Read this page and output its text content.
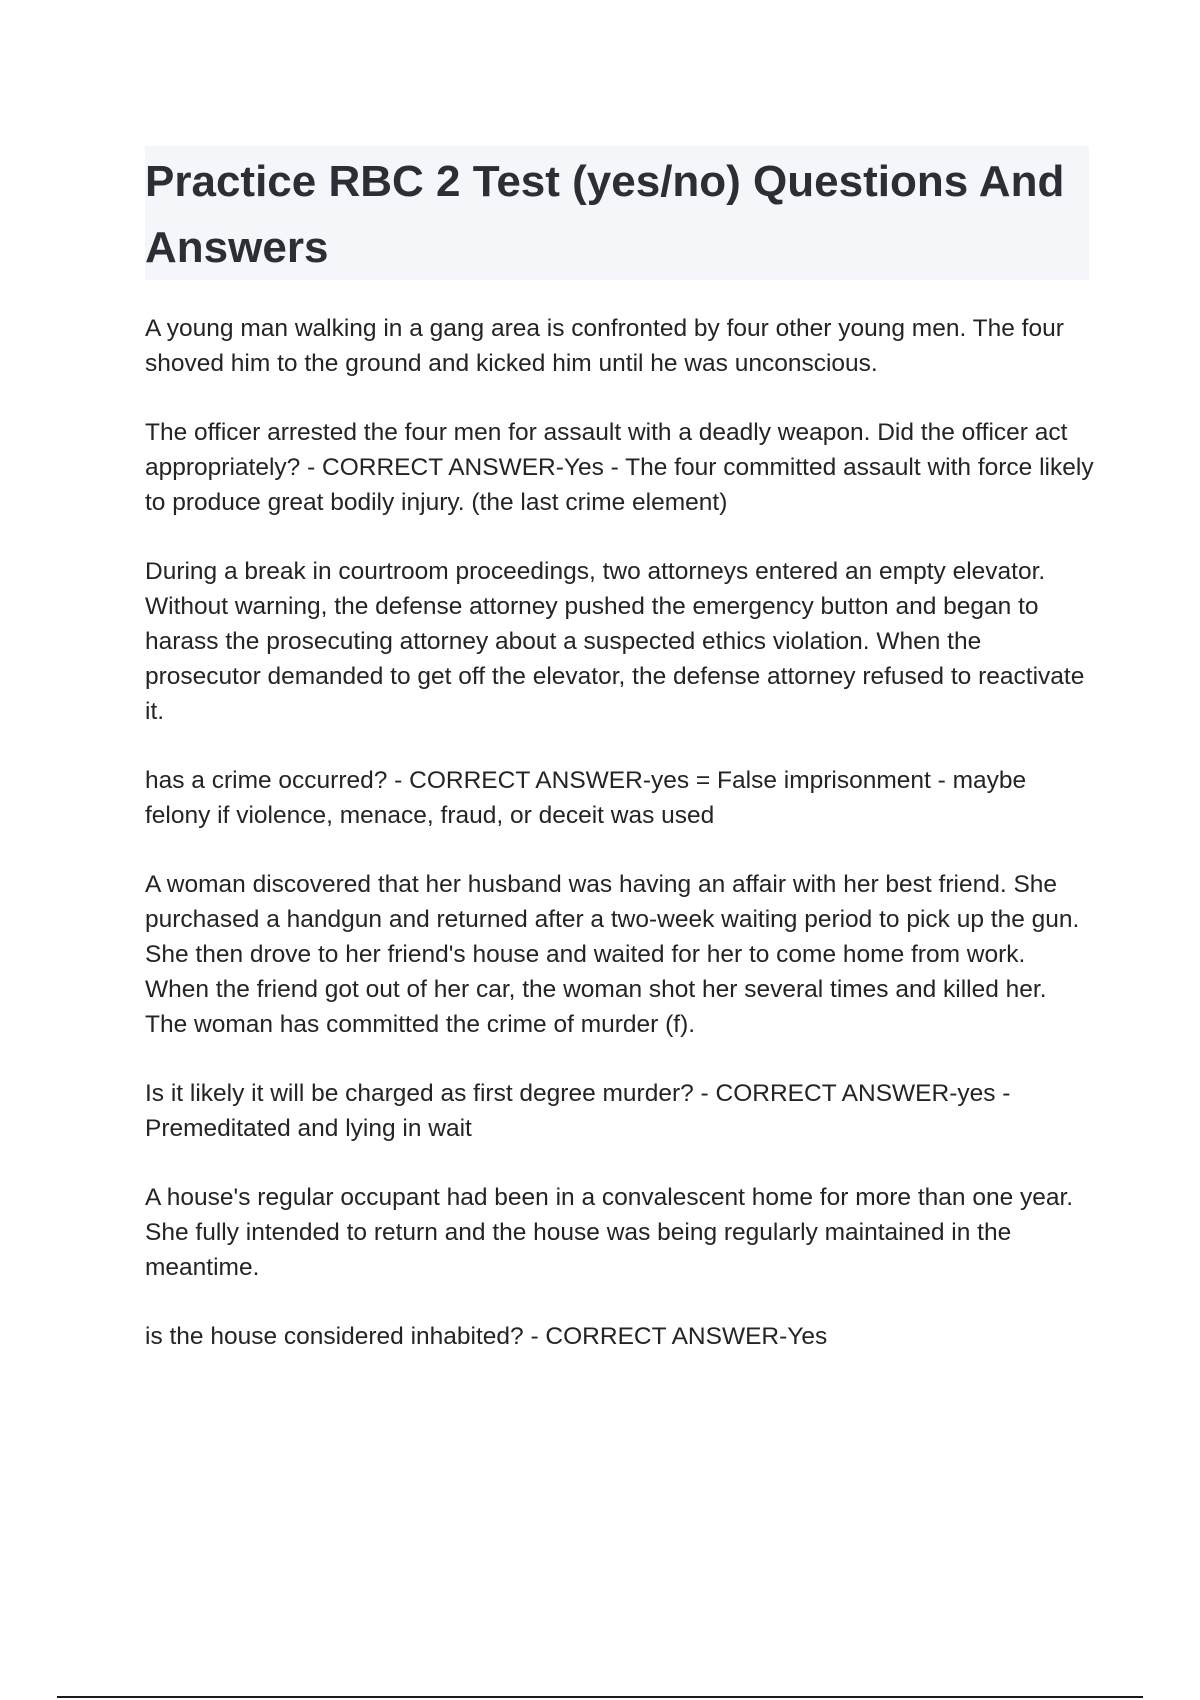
Practice RBC 2 Test (yes/no) Questions And Answers

A young man walking in a gang area is confronted by four other young men. The four shoved him to the ground and kicked him until he was unconscious.

The officer arrested the four men for assault with a deadly weapon. Did the officer act appropriately? - CORRECT ANSWER-Yes - The four committed assault with force likely to produce great bodily injury. (the last crime element)

During a break in courtroom proceedings, two attorneys entered an empty elevator. Without warning, the defense attorney pushed the emergency button and began to harass the prosecuting attorney about a suspected ethics violation. When the prosecutor demanded to get off the elevator, the defense attorney refused to reactivate it.

has a crime occurred? - CORRECT ANSWER-yes = False imprisonment - maybe felony if violence, menace, fraud, or deceit was used

A woman discovered that her husband was having an affair with her best friend. She purchased a handgun and returned after a two-week waiting period to pick up the gun. She then drove to her friend's house and waited for her to come home from work. When the friend got out of her car, the woman shot her several times and killed her. The woman has committed the crime of murder (f).

Is it likely it will be charged as first degree murder? - CORRECT ANSWER-yes - Premeditated and lying in wait

A house's regular occupant had been in a convalescent home for more than one year. She fully intended to return and the house was being regularly maintained in the meantime.

is the house considered inhabited? - CORRECT ANSWER-Yes
